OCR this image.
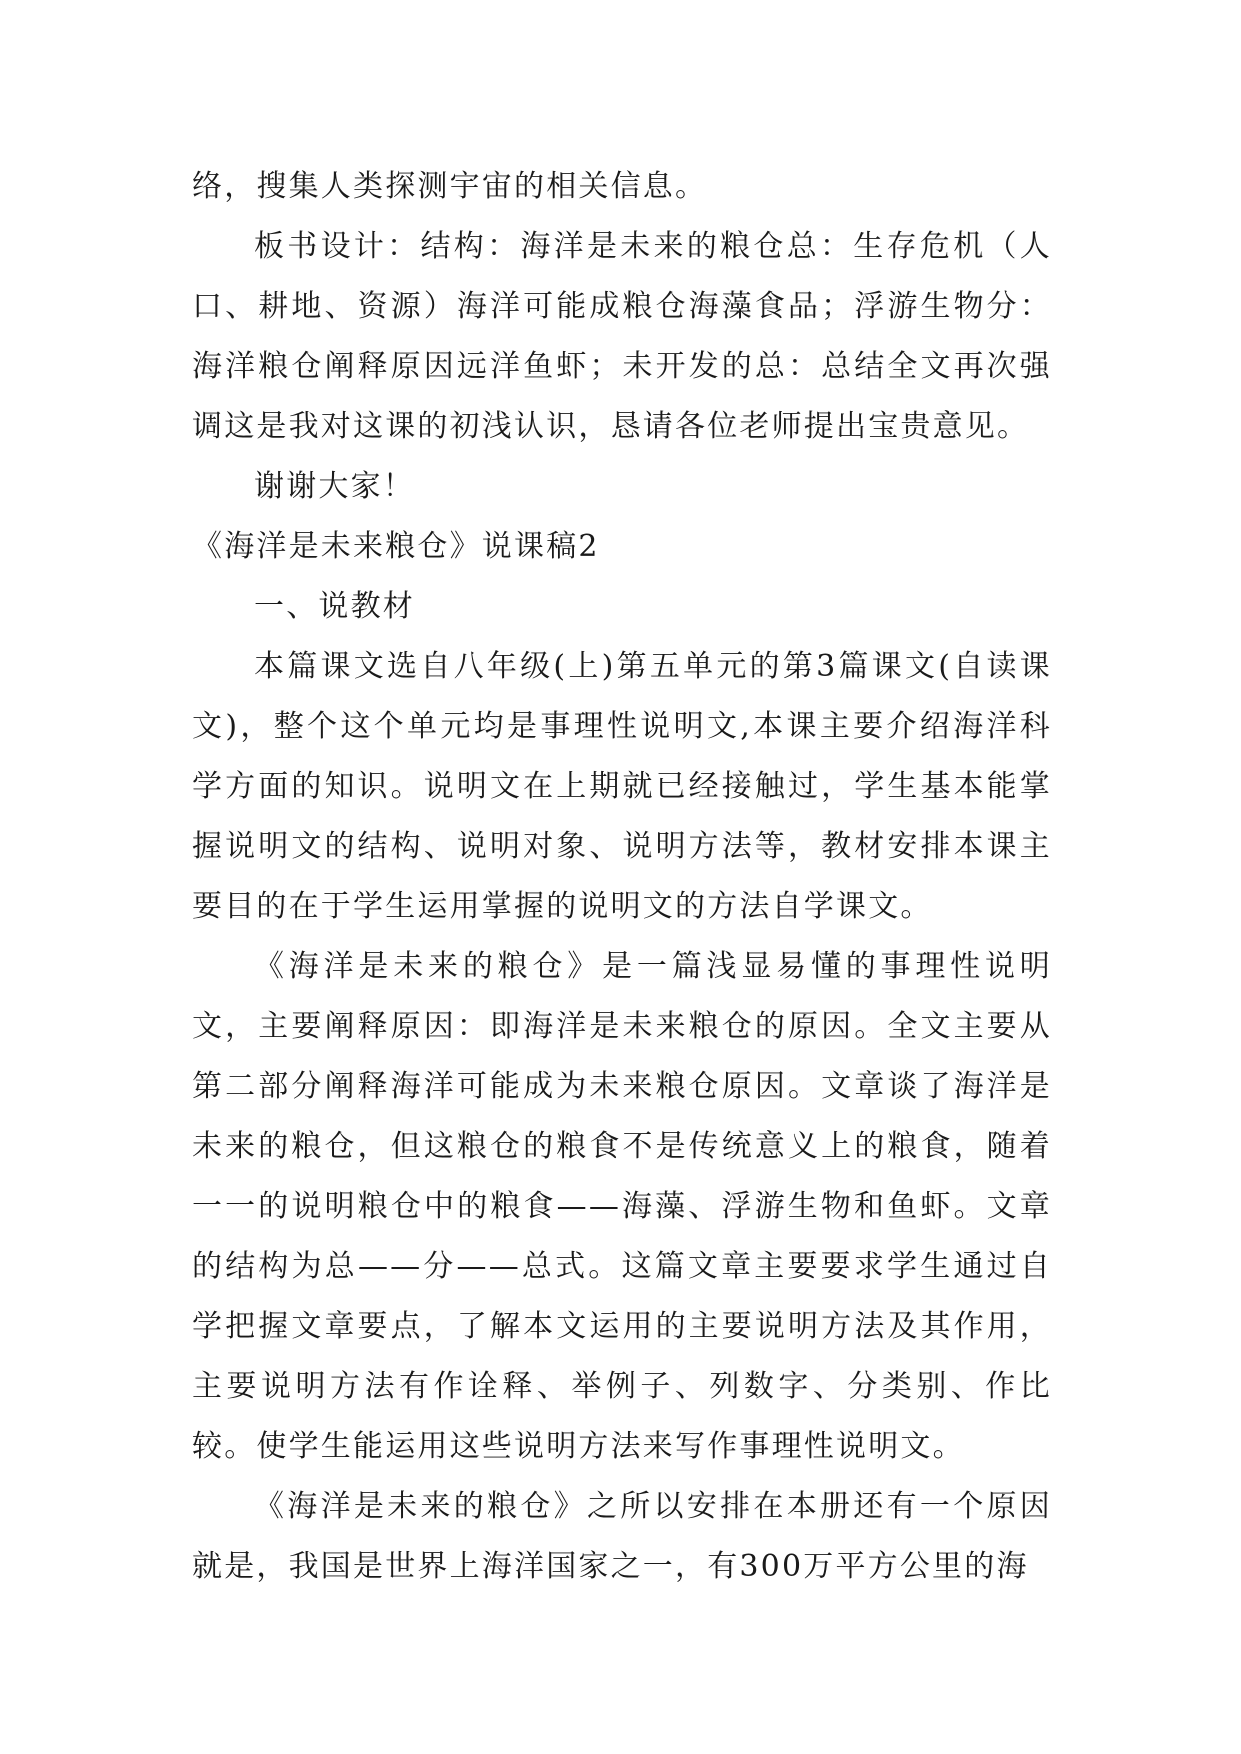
络，搜集人类探测宇宙的相关信息。

板书设计：结构：海洋是未来的粮仓总：生存危机（人口、耕地、资源）海洋可能成粮仓海藻食品；浮游生物分：海洋粮仓阐释原因远洋鱼虾；未开发的总：总结全文再次强调这是我对这课的初浅认识，恳请各位老师提出宝贵意见。

谢谢大家！

《海洋是未来粮仓》说课稿2

一、说教材

本篇课文选自八年级(上)第五单元的第3篇课文(自读课文)，整个这个单元均是事理性说明文,本课主要介绍海洋科学方面的知识。说明文在上期就已经接触过，学生基本能掌握说明文的结构、说明对象、说明方法等，教材安排本课主要目的在于学生运用掌握的说明文的方法自学课文。

《海洋是未来的粮仓》是一篇浅显易懂的事理性说明文，主要阐释原因：即海洋是未来粮仓的原因。全文主要从第二部分阐释海洋可能成为未来粮仓原因。文章谈了海洋是未来的粮仓，但这粮仓的粮食不是传统意义上的粮食，随着一一的说明粮仓中的粮食——海藻、浮游生物和鱼虾。文章的结构为总——分——总式。这篇文章主要要求学生通过自学把握文章要点，了解本文运用的主要说明方法及其作用，主要说明方法有作诠释、举例子、列数字、分类别、作比较。使学生能运用这些说明方法来写作事理性说明文。

《海洋是未来的粮仓》之所以安排在本册还有一个原因就是，我国是世界上海洋国家之一，有300万平方公里的海
